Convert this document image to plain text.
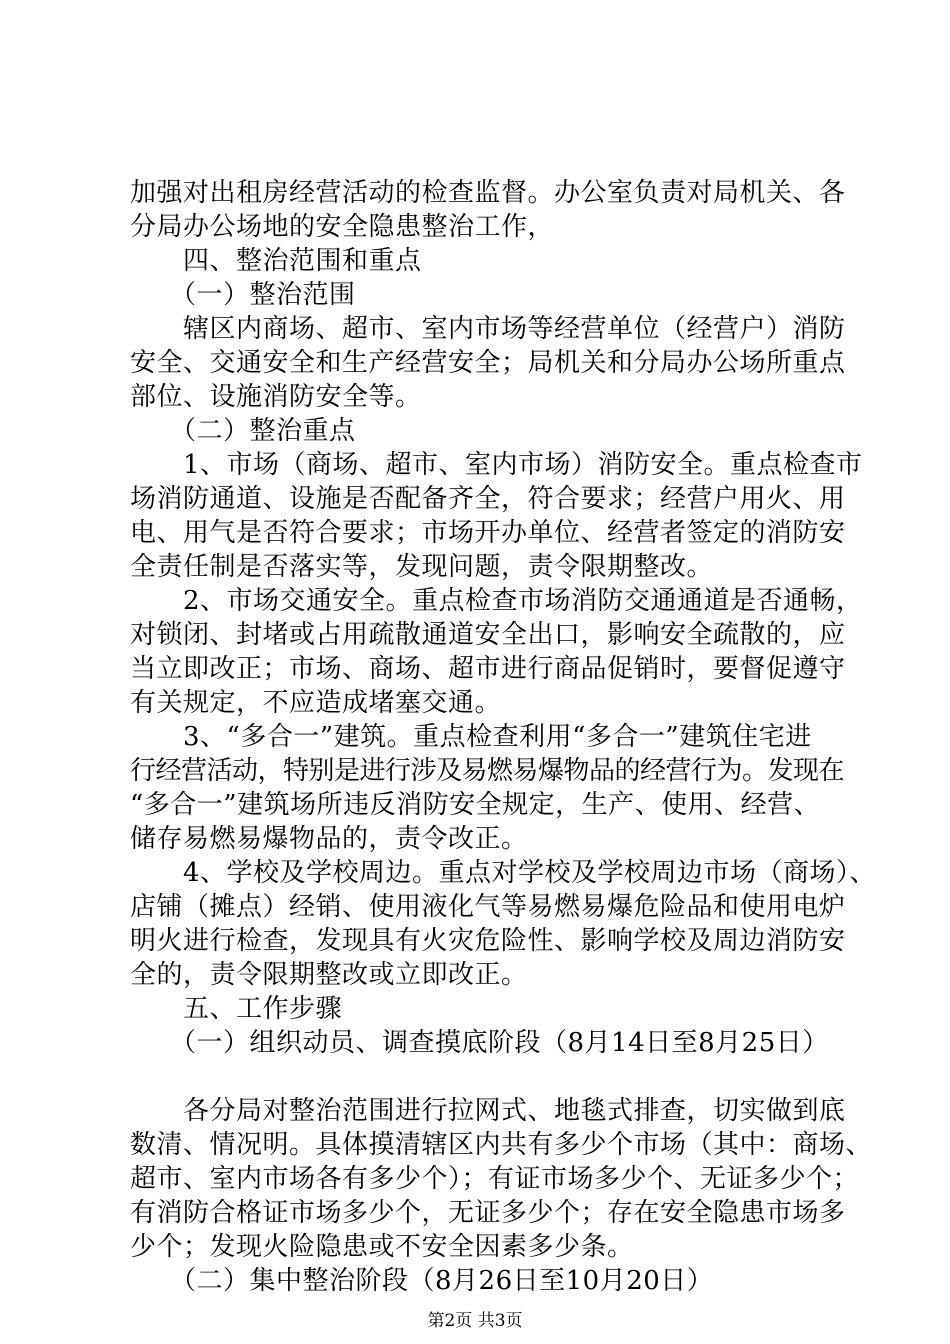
加强对出租房经营活动的检查监督。办公室负责对局机关、各
分局办公场地的安全隐患整治工作，
　　四、整治范围和重点
　　（一）整治范围
　　辖区内商场、超市、室内市场等经营单位（经营户）消防
安全、交通安全和生产经营安全；局机关和分局办公场所重点
部位、设施消防安全等。
　　（二）整治重点
　　1、市场（商场、超市、室内市场）消防安全。重点检查市
场消防通道、设施是否配备齐全，符合要求；经营户用火、用
电、用气是否符合要求；市场开办单位、经营者签定的消防安
全责任制是否落实等，发现问题，责令限期整改。
　　2、市场交通安全。重点检查市场消防交通通道是否通畅，
对锁闭、封堵或占用疏散通道安全出口，影响安全疏散的，应
当立即改正；市场、商场、超市进行商品促销时，要督促遵守
有关规定，不应造成堵塞交通。
　　3、“多合一”建筑。重点检查利用“多合一”建筑住宅进
行经营活动，特别是进行涉及易燃易爆物品的经营行为。发现在
“多合一”建筑场所违反消防安全规定，生产、使用、经营、
储存易燃易爆物品的，责令改正。
　　4、学校及学校周边。重点对学校及学校周边市场（商场）、
店铺（摊点）经销、使用液化气等易燃易爆危险品和使用电炉
明火进行检查，发现具有火灾危险性、影响学校及周边消防安
全的，责令限期整改或立即改正。
　　五、工作步骤
　　（一）组织动员、调查摸底阶段（8月14日至8月25日）
　　各分局对整治范围进行拉网式、地毯式排查，切实做到底
数清、情况明。具体摸清辖区内共有多少个市场（其中：商场、
超市、室内市场各有多少个）；有证市场多少个、无证多少个；
有消防合格证市场多少个，无证多少个；存在安全隐患市场多
少个；发现火险隐患或不安全因素多少条。
　　（二）集中整治阶段（8月26日至10月20日）
第2页 共3页
